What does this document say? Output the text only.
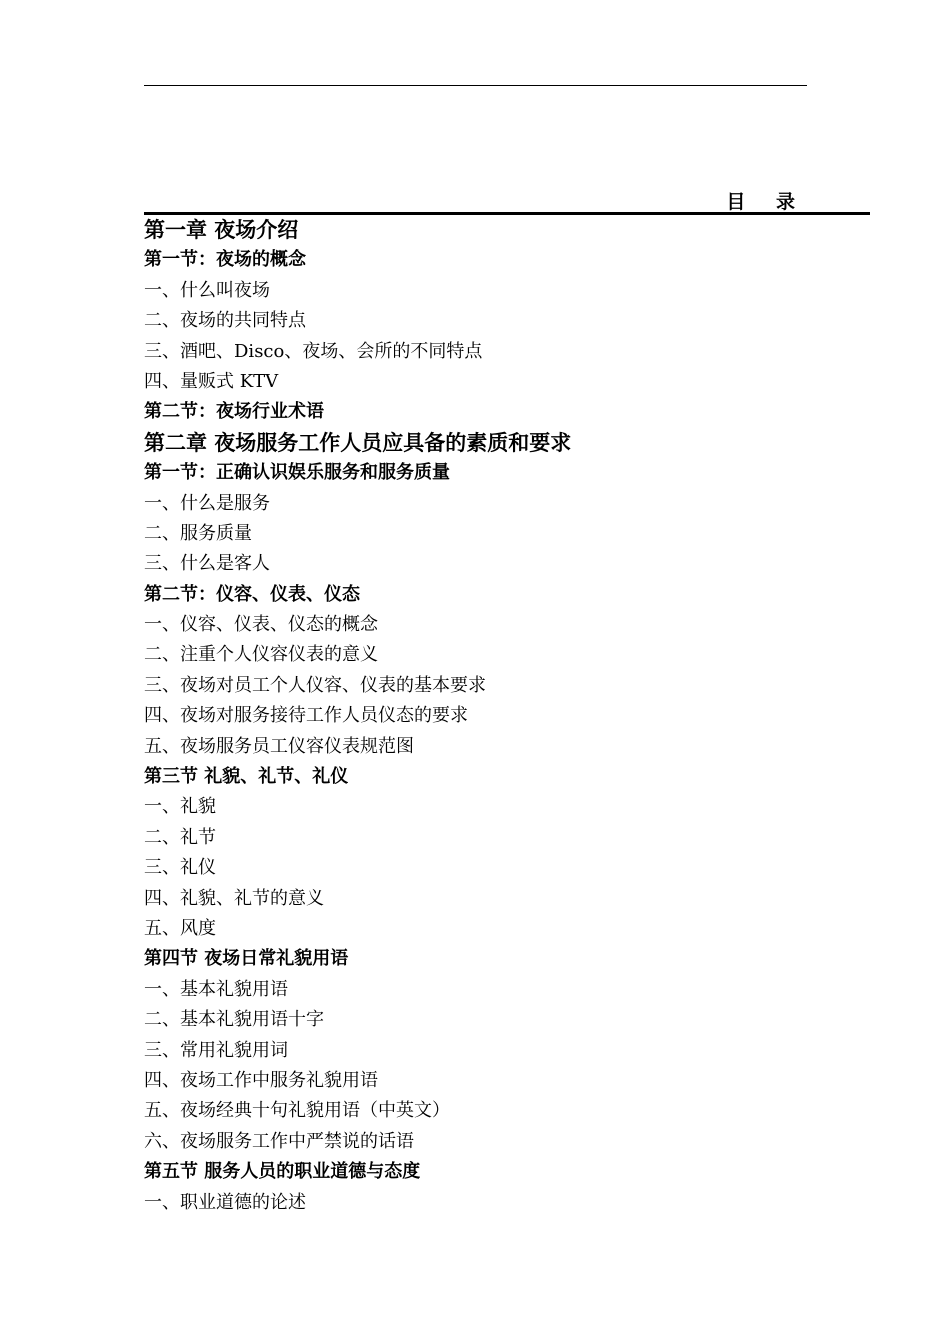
目 录
第一章 夜场介绍
第一节：夜场的概念
一、什么叫夜场
二、夜场的共同特点
三、酒吧、Disco、夜场、会所的不同特点
四、量贩式 KTV
第二节：夜场行业术语
第二章 夜场服务工作人员应具备的素质和要求
第一节：正确认识娱乐服务和服务质量
一、什么是服务
二、服务质量
三、什么是客人
第二节：仪容、仪表、仪态
一、仪容、仪表、仪态的概念
二、注重个人仪容仪表的意义
三、夜场对员工个人仪容、仪表的基本要求
四、夜场对服务接待工作人员仪态的要求
五、夜场服务员工仪容仪表规范图
第三节 礼貌、礼节、礼仪
一、礼貌
二、礼节
三、礼仪
四、礼貌、礼节的意义
五、风度
第四节 夜场日常礼貌用语
一、基本礼貌用语
二、基本礼貌用语十字
三、常用礼貌用词
四、夜场工作中服务礼貌用语
五、夜场经典十句礼貌用语（中英文）
六、夜场服务工作中严禁说的话语
第五节 服务人员的职业道德与态度
一、职业道德的论述
